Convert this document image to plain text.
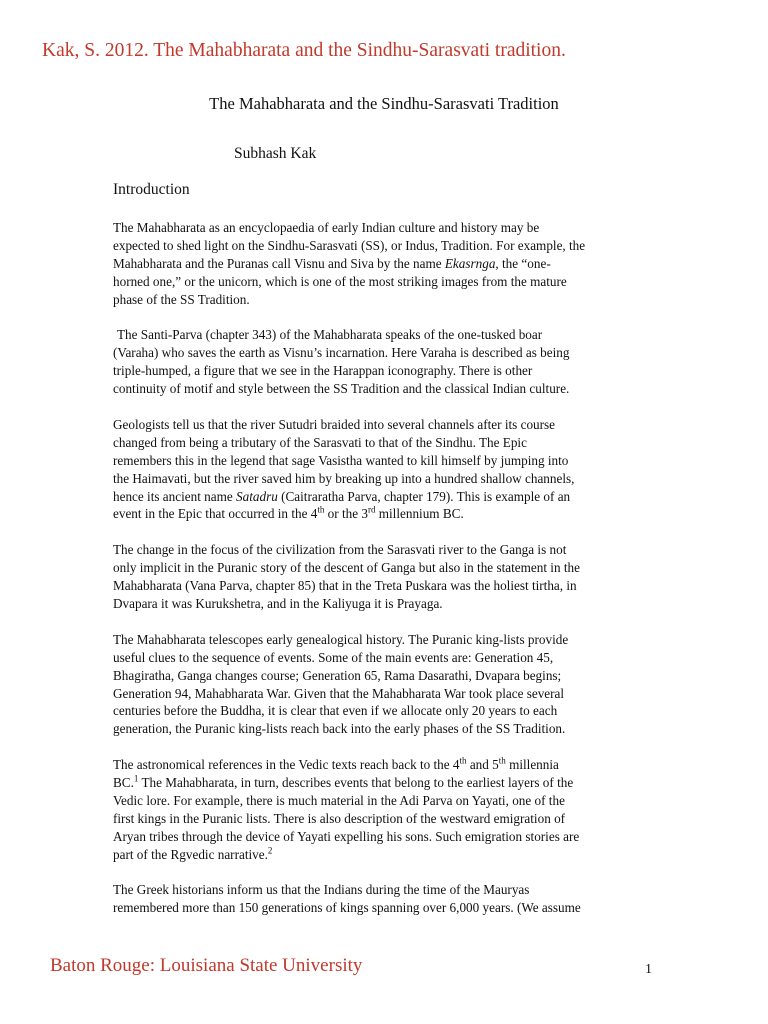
Kak, S. 2012. The Mahabharata and the Sindhu-Sarasvati tradition.
The Mahabharata and the Sindhu-Sarasvati Tradition
Subhash Kak
Introduction

The Mahabharata as an encyclopaedia of early Indian culture and history may be
expected to shed light on the Sindhu-Sarasvati (SS), or Indus, Tradition. For example, the
Mahabharata and the Puranas call Visnu and Siva by the name Ekasrnga, the “one-
horned one,” or the unicorn, which is one of the most striking images from the mature
phase of the SS Tradition.

The Santi-Parva (chapter 343) of the Mahabharata speaks of the one-tusked boar
(Varaha) who saves the earth as Visnu’s incarnation. Here Varaha is described as being
triple-humped, a figure that we see in the Harappan iconography. There is other
continuity of motif and style between the SS Tradition and the classical Indian culture.

Geologists tell us that the river Sutudri braided into several channels after its course
changed from being a tributary of the Sarasvati to that of the Sindhu. The Epic
remembers this in the legend that sage Vasistha wanted to kill himself by jumping into
the Haimavati, but the river saved him by breaking up into a hundred shallow channels,
hence its ancient name Satadru (Caitraratha Parva, chapter 179). This is example of an
event in the Epic that occurred in the 4th or the 3rd millennium BC.

The change in the focus of the civilization from the Sarasvati river to the Ganga is not
only implicit in the Puranic story of the descent of Ganga but also in the statement in the
Mahabharata (Vana Parva, chapter 85) that in the Treta Puskara was the holiest tirtha, in
Dvapara it was Kurukshetra, and in the Kaliyuga it is Prayaga.

The Mahabharata telescopes early genealogical history. The Puranic king-lists provide
useful clues to the sequence of events. Some of the main events are: Generation 45,
Bhagiratha, Ganga changes course; Generation 65, Rama Dasarathi, Dvapara begins;
Generation 94, Mahabharata War. Given that the Mahabharata War took place several
centuries before the Buddha, it is clear that even if we allocate only 20 years to each
generation, the Puranic king-lists reach back into the early phases of the SS Tradition.

The astronomical references in the Vedic texts reach back to the 4th and 5th millennia
BC.$^1$ The Mahabharata, in turn, describes events that belong to the earliest layers of the
Vedic lore. For example, there is much material in the Adi Parva on Yayati, one of the
first kings in the Puranic lists. There is also description of the westward emigration of
Aryan tribes through the device of Yayati expelling his sons. Such emigration stories are
part of the Rgvedic narrative.$^2$

The Greek historians inform us that the Indians during the time of the Mauryas
remembered more than 150 generations of kings spanning over 6,000 years. (We assume

Baton Rouge: Louisiana State University	1
